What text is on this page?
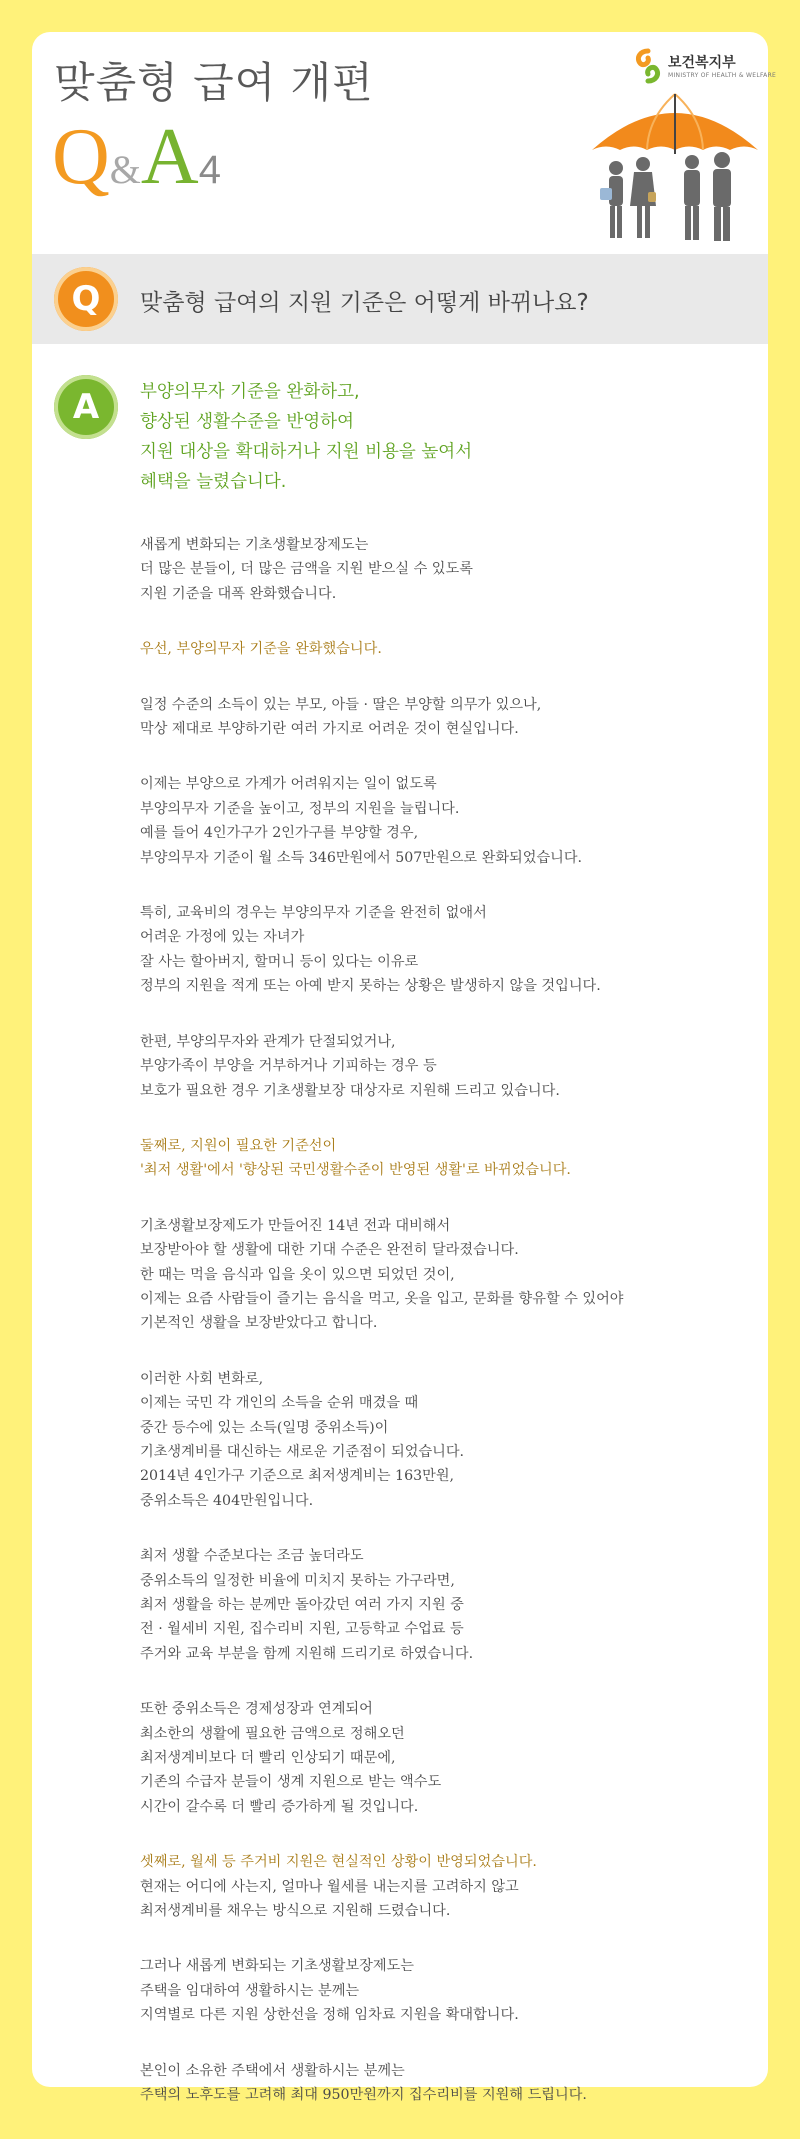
맞춤형 급여 개편
Q&A4
보건복지부
MINISTRY OF HEALTH & WELFARE
Q	맞춤형 급여의 지원 기준은 어떻게 바뀌나요?
A	부양의무자 기준을 완화하고,

향상된 생활수준을 반영하여

지원 대상을 확대하거나 지원 비용을 높여서

혜택을 늘렸습니다.

새롭게 변화되는 기초생활보장제도는

더 많은 분들이, 더 많은 금액을 지원 받으실 수 있도록

지원 기준을 대폭 완화했습니다.

우선, 부양의무자 기준을 완화했습니다.

일정 수준의 소득이 있는 부모, 아들 · 딸은 부양할 의무가 있으나,

막상 제대로 부양하기란 여러 가지로 어려운 것이 현실입니다.

이제는 부양으로 가계가 어려워지는 일이 없도록

부양의무자 기준을 높이고, 정부의 지원을 늘립니다.

예를 들어 4인가구가 2인가구를 부양할 경우,

부양의무자 기준이 월 소득 346만원에서 507만원으로 완화되었습니다.

특히, 교육비의 경우는 부양의무자 기준을 완전히 없애서

어려운 가정에 있는 자녀가

잘 사는 할아버지, 할머니 등이 있다는 이유로

정부의 지원을 적게 또는 아예 받지 못하는 상황은 발생하지 않을 것입니다.

한편, 부양의무자와 관계가 단절되었거나,

부양가족이 부양을 거부하거나 기피하는 경우 등

보호가 필요한 경우 기초생활보장 대상자로 지원해 드리고 있습니다.

둘째로, 지원이 필요한 기준선이

'최저 생활'에서 '향상된 국민생활수준이 반영된 생활'로 바뀌었습니다.

기초생활보장제도가 만들어진 14년 전과 대비해서

보장받아야 할 생활에 대한 기대 수준은 완전히 달라졌습니다.

한 때는 먹을 음식과 입을 옷이 있으면 되었던 것이,

이제는 요즘 사람들이 즐기는 음식을 먹고, 옷을 입고, 문화를 향유할 수 있어야

기본적인 생활을 보장받았다고 합니다.

이러한 사회 변화로,

이제는 국민 각 개인의 소득을 순위 매겼을 때

중간 등수에 있는 소득(일명 중위소득)이

기초생계비를 대신하는 새로운 기준점이 되었습니다.

2014년 4인가구 기준으로 최저생계비는 163만원,

중위소득은 404만원입니다.

최저 생활 수준보다는 조금 높더라도

중위소득의 일정한 비율에 미치지 못하는 가구라면,

최저 생활을 하는 분께만 돌아갔던 여러 가지 지원 중

전 · 월세비 지원, 집수리비 지원, 고등학교 수업료 등

주거와 교육 부분을 함께 지원해 드리기로 하였습니다.

또한 중위소득은 경제성장과 연계되어

최소한의 생활에 필요한 금액으로 정해오던

최저생계비보다 더 빨리 인상되기 때문에,

기존의 수급자 분들이 생계 지원으로 받는 액수도

시간이 갈수록 더 빨리 증가하게 될 것입니다.

셋째로, 월세 등 주거비 지원은 현실적인 상황이 반영되었습니다.

현재는 어디에 사는지, 얼마나 월세를 내는지를 고려하지 않고

최저생계비를 채우는 방식으로 지원해 드렸습니다.

그러나 새롭게 변화되는 기초생활보장제도는

주택을 임대하여 생활하시는 분께는

지역별로 다른 지원 상한선을 정해 임차료 지원을 확대합니다.

본인이 소유한 주택에서 생활하시는 분께는

주택의 노후도를 고려해 최대 950만원까지 집수리비를 지원해 드립니다.
